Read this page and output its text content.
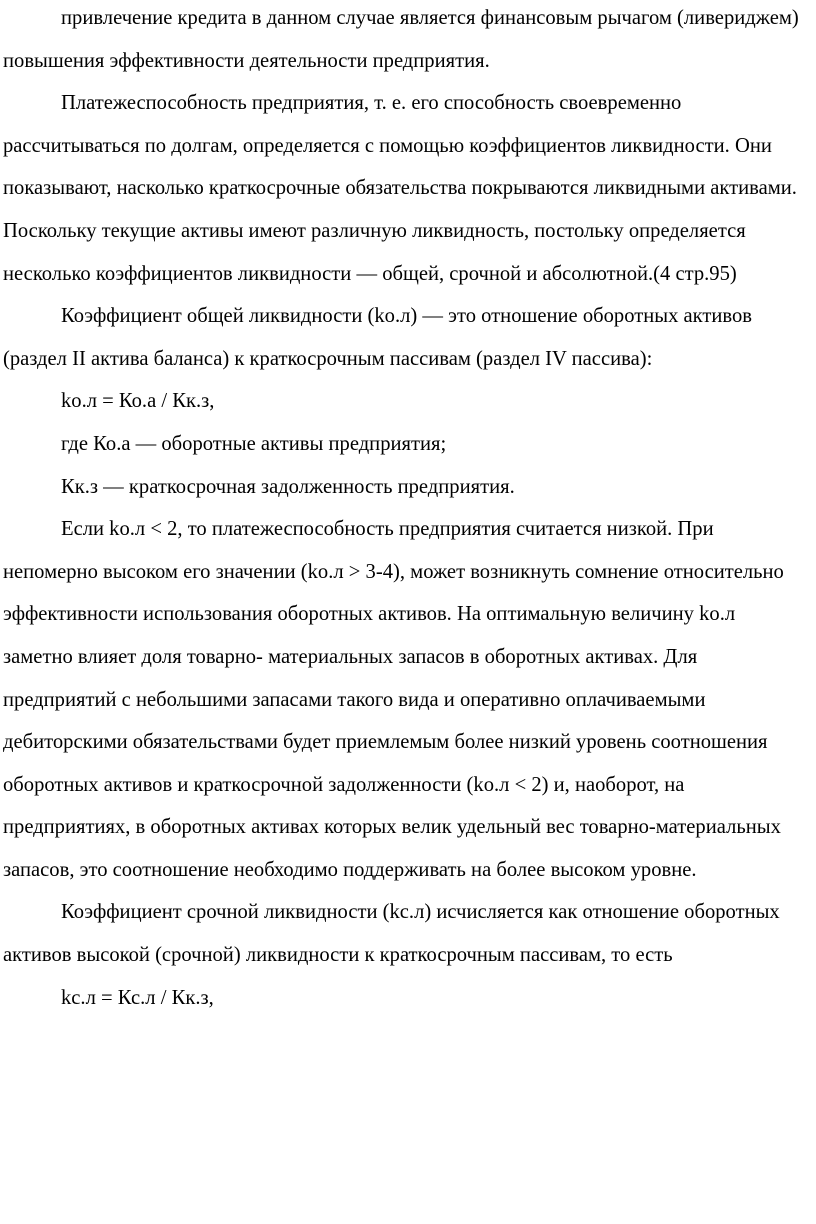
привлечение кредита в данном случае является финансовым рычагом (ливериджем) повышения эффективности деятельности предприятия.

Платежеспособность предприятия, т. е. его способность своевременно рассчитываться по долгам, определяется с помощью коэффициентов ликвидности. Они показывают, насколько краткосрочные обязательства покрываются ликвидными активами. Поскольку текущие активы имеют различную ликвидность, постольку определяется несколько коэффициентов ликвидности — общей, срочной и абсолютной.(4 стр.95)

Коэффициент общей ликвидности (kо.л) — это отношение оборотных активов (раздел II актива баланса) к краткосрочным пассивам (раздел IV пассива):

kо.л = Ко.а / Кк.з,

где Ко.а — оборотные активы предприятия;

Кк.з — краткосрочная задолженность предприятия.

Если kо.л < 2, то платежеспособность предприятия считается низкой. При непомерно высоком его значении (kо.л > 3-4), может возникнуть сомнение относительно эффективности использования оборотных активов. На оптимальную величину kо.л заметно влияет доля товарно- материальных запасов в оборотных активах. Для предприятий с небольшими запасами такого вида и оперативно оплачиваемыми дебиторскими обязательствами будет приемлемым более низкий уровень соотношения оборотных активов и краткосрочной задолженности (kо.л < 2) и, наоборот, на предприятиях, в оборотных активах которых велик удельный вес товарно-материальных запасов, это соотношение необходимо поддерживать на более высоком уровне.

Коэффициент срочной ликвидности (kс.л) исчисляется как отношение оборотных активов высокой (срочной) ликвидности к краткосрочным пассивам, то есть

kс.л = Кс.л / Кк.з,
